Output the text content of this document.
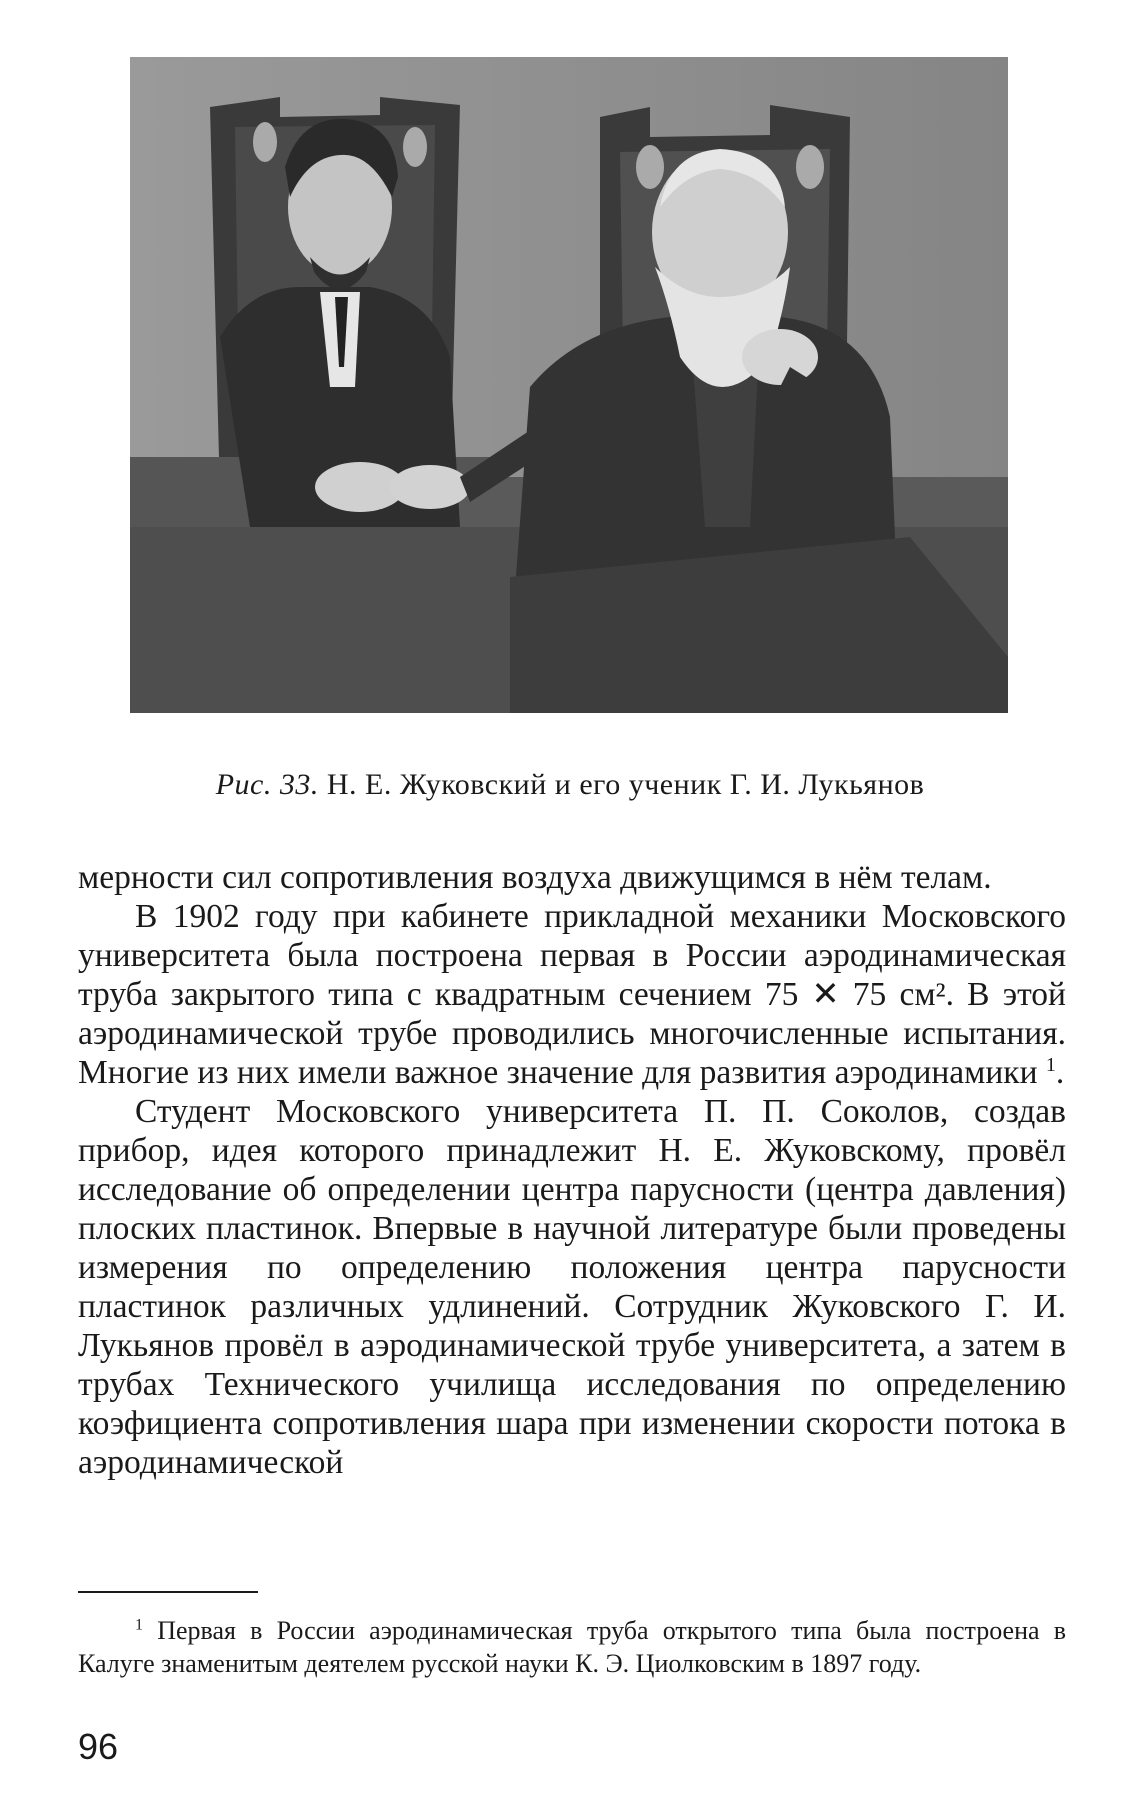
Рис. 33. Н. Е. Жуковский и его ученик Г. И. Лукьянов

мерности сил сопротивления воздуха движущимся в нём телам.

В 1902 году при кабинете прикладной механики Московского университета была построена первая в России аэродинамическая труба закрытого типа с квадратным сечением 75 ✕ 75 см². В этой аэродинамической трубе проводились многочисленные испытания. Многие из них имели важное значение для развития аэродинамики $^1$.

Студент Московского университета П. П. Соколов, создав прибор, идея которого принадлежит Н. Е. Жуковскому, провёл исследование об определении центра парусности (центра давления) плоских пластинок. Впервые в научной литературе были проведены измерения по определению положения центра парусности пластинок различных удлинений. Сотрудник Жуковского Г. И. Лукьянов провёл в аэродинамической трубе университета, а затем в трубах Технического училища исследования по определению коэфициента сопротивления шара при изменении скорости потока в аэродинамической

$^1$ Первая в России аэродинамическая труба открытого типа была построена в Калуге знаменитым деятелем русской науки К. Э. Циолковским в 1897 году.

96
